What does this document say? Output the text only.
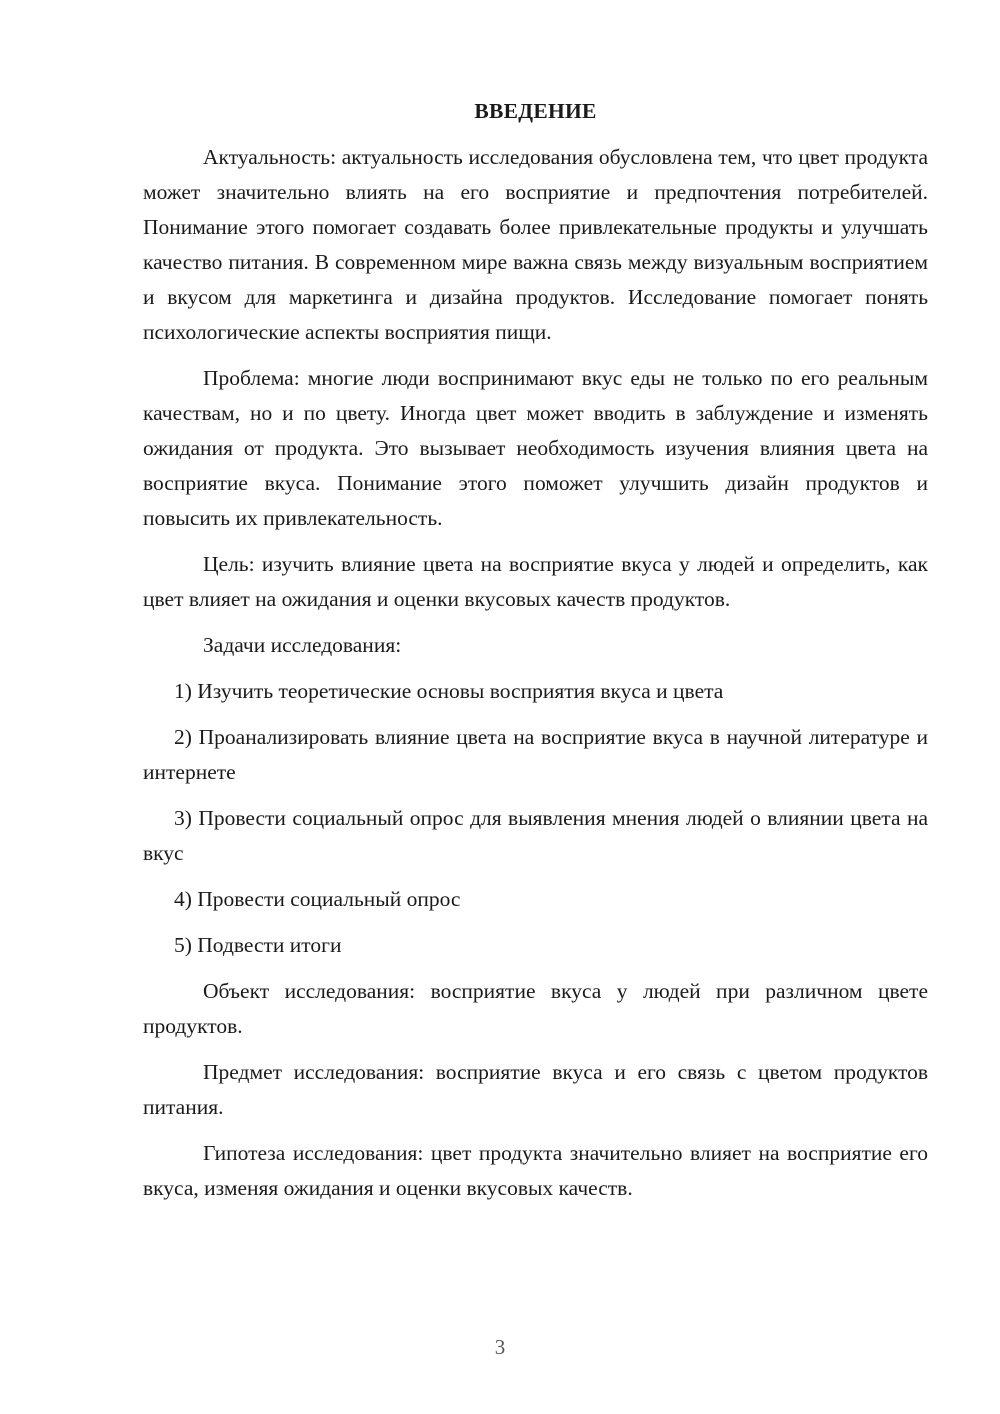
ВВЕДЕНИЕ

Актуальность: актуальность исследования обусловлена тем, что цвет продукта может значительно влиять на его восприятие и предпочтения потребителей. Понимание этого помогает создавать более привлекательные продукты и улучшать качество питания. В современном мире важна связь между визуальным восприятием и вкусом для маркетинга и дизайна продуктов. Исследование помогает понять психологические аспекты восприятия пищи.

Проблема: многие люди воспринимают вкус еды не только по его реальным качествам, но и по цвету. Иногда цвет может вводить в заблуждение и изменять ожидания от продукта. Это вызывает необходимость изучения влияния цвета на восприятие вкуса. Понимание этого поможет улучшить дизайн продуктов и повысить их привлекательность.

Цель: изучить влияние цвета на восприятие вкуса у людей и определить, как цвет влияет на ожидания и оценки вкусовых качеств продуктов.

Задачи исследования:

1) Изучить теоретические основы восприятия вкуса и цвета

2) Проанализировать влияние цвета на восприятие вкуса в научной литературе и интернете

3) Провести социальный опрос для выявления мнения людей о влиянии цвета на вкус

4) Провести социальный опрос

5) Подвести итоги

Объект исследования: восприятие вкуса у людей при различном цвете продуктов.

Предмет исследования: восприятие вкуса и его связь с цветом продуктов питания.

Гипотеза исследования: цвет продукта значительно влияет на восприятие его вкуса, изменяя ожидания и оценки вкусовых качеств.

3
